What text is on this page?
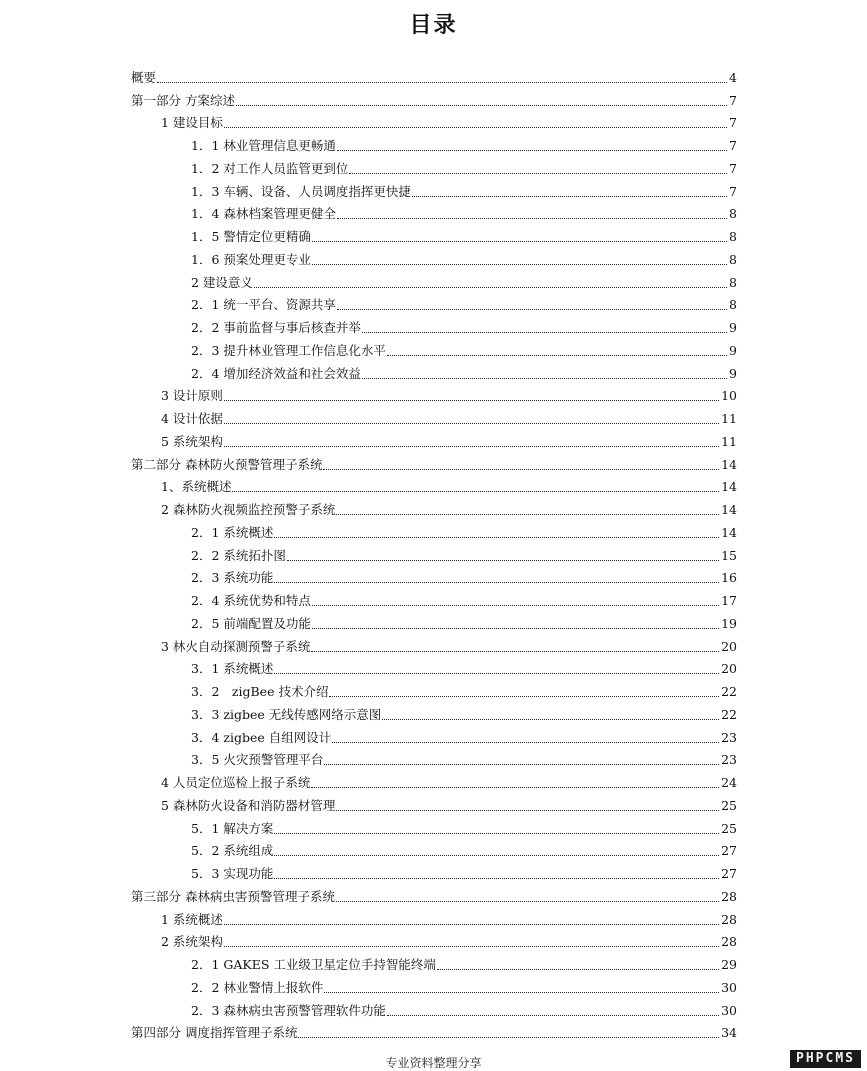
目录
概要	4
第一部分 方案综述	7
1 建设目标	7
1．1 林业管理信息更畅通	7
1．2 对工作人员监管更到位	7
1．3 车辆、设备、人员调度指挥更快捷	7
1．4 森林档案管理更健全	8
1．5 警情定位更精确	8
1．6 预案处理更专业	8
2 建设意义	8
2．1 统一平台、资源共享	8
2．2 事前监督与事后核查并举	9
2．3 提升林业管理工作信息化水平	9
2．4 增加经济效益和社会效益	9
3 设计原则	10
4 设计依据	11
5 系统架构	11
第二部分 森林防火预警管理子系统	14
1、系统概述	14
2 森林防火视频监控预警子系统	14
2．1 系统概述	14
2．2 系统拓扑图	15
2．3 系统功能	16
2．4 系统优势和特点	17
2．5 前端配置及功能	19
3 林火自动探测预警子系统	20
3．1 系统概述	20
3．2　zigBee 技术介绍	22
3．3 zigbee 无线传感网络示意图	22
3．4 zigbee 自组网设计	23
3．5 火灾预警管理平台	23
4 人员定位巡检上报子系统	24
5 森林防火设备和消防器材管理	25
5．1 解决方案	25
5．2 系统组成	27
5．3 实现功能	27
第三部分 森林病虫害预警管理子系统	28
1 系统概述	28
2 系统架构	28
2．1 GAKES 工业级卫星定位手持智能终端	29
2．2 林业警情上报软件	30
2．3 森林病虫害预警管理软件功能	30
第四部分 调度指挥管理子系统	34
专业资料整理分享	PHPCMS
